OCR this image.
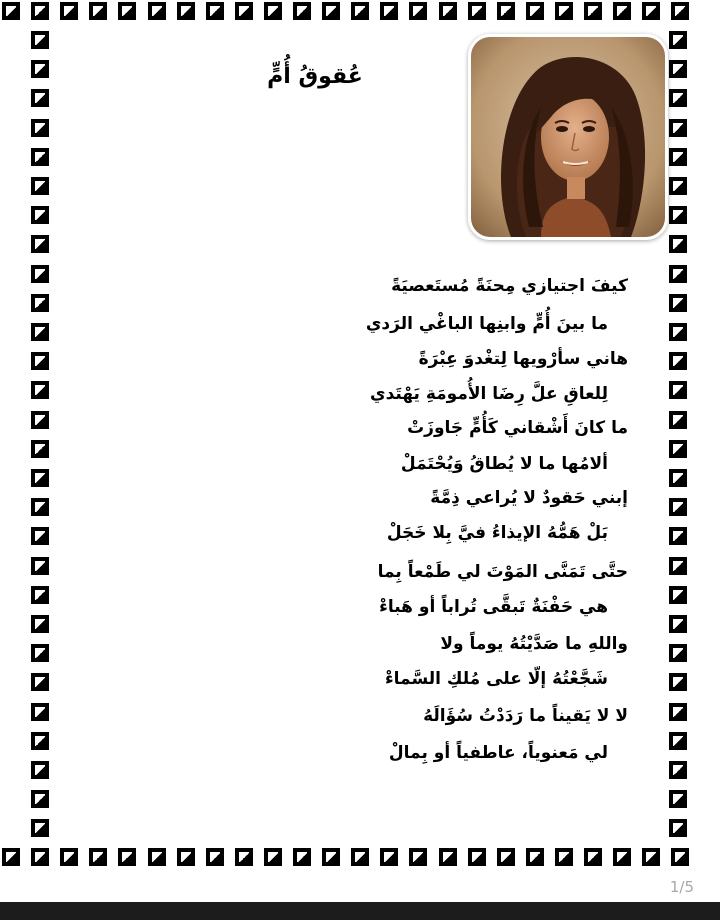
عُقوقُ أُمٍّ
كيفَ اجتيازي مِحنَةً مُستَعصيَةً
ما بينَ أُمٍّ وابنِها الباغْي الرَدي
هاني سأرْويها لِتغْدوَ عِبْرَةً
لِلعاقِ علَّ رِضَا الأُمومَةِ يَهْتَدي
ما كانَ أَشْقاني كَأُمٍّ جَاوزَتْ
ألامُها ما لا يُطاقُ وَيُحْتَمَلْ
إبني حَقودٌ لا يُراعي ذِمَّةً
بَلْ هَمُّهُ الإيذاءُ فيَّ بِلا خَجَلْ
حتَّى تَمَنَّى المَوْتَ لي طَمْعاً بِما
هي حَفْنَةٌ تَبقَّى تُراباً أو هَباءْ
واللهِ ما صَدَّيْتُهُ يوماً ولا
شَجَّعْتُهُ إلّا على مُلكِ السَّماءْ
لا لا يَقيناً ما رَدَدْتُ سُؤَالَهُ
لي مَعنوياً، عاطفياً أو بِمالْ
1/5
